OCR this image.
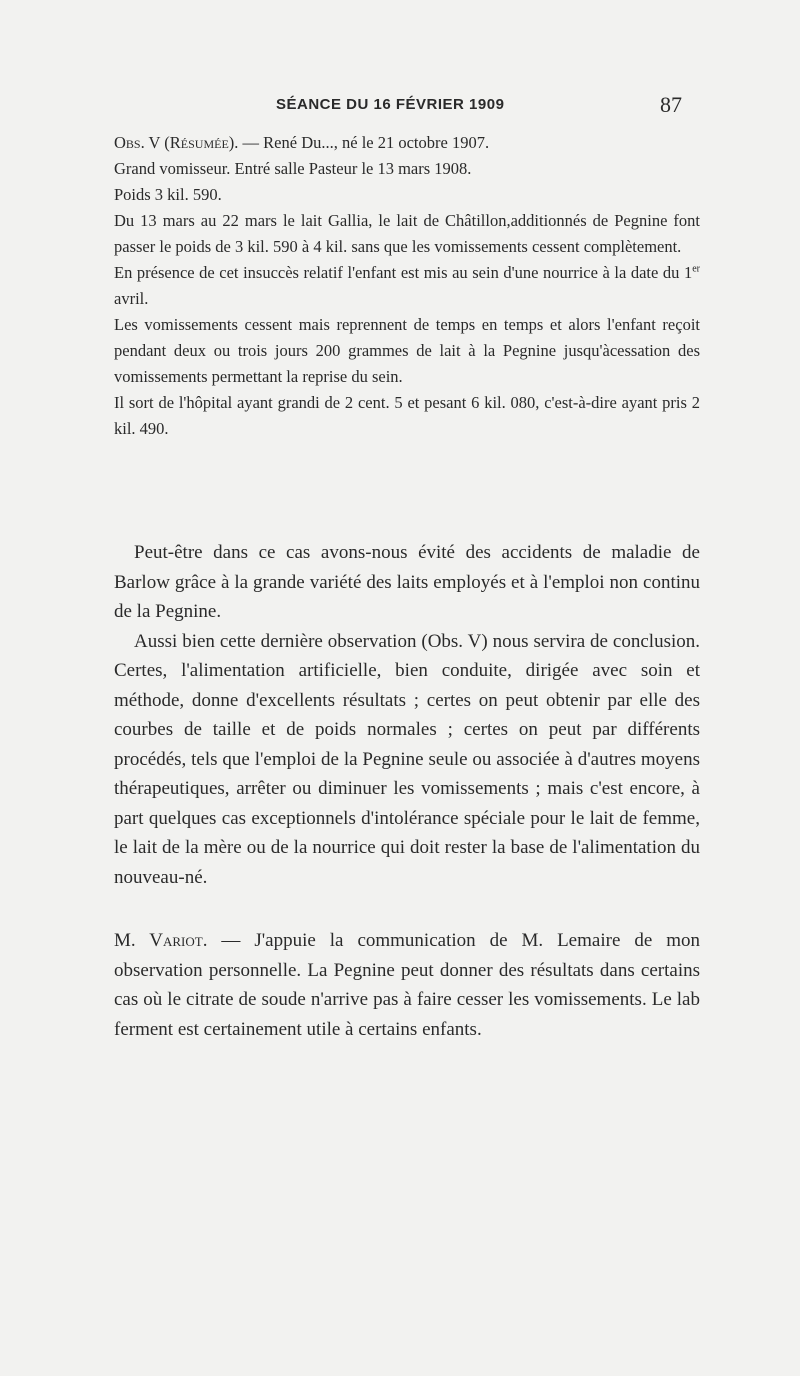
SÉANCE DU 16 FÉVRIER 1909	87

Obs. V (Résumée). — René Du..., né le 21 octobre 1907.

Grand vomisseur. Entré salle Pasteur le 13 mars 1908.

Poids 3 kil. 590.

Du 13 mars au 22 mars le lait Gallia, le lait de Châtillon,additionnés de Pegnine font passer le poids de 3 kil. 590 à 4 kil. sans que les vomissements cessent complètement.

En présence de cet insuccès relatif l'enfant est mis au sein d'une nourrice à la date du 1er avril.

Les vomissements cessent mais reprennent de temps en temps et alors l'enfant reçoit pendant deux ou trois jours 200 grammes de lait à la Pegnine jusqu'àcessation des vomissements permettant la reprise du sein.

Il sort de l'hôpital ayant grandi de 2 cent. 5 et pesant 6 kil. 080, c'est-à-dire ayant pris 2 kil. 490.

Peut-être dans ce cas avons-nous évité des accidents de maladie de Barlow grâce à la grande variété des laits employés et à l'emploi non continu de la Pegnine.

Aussi bien cette dernière observation (Obs. V) nous servira de conclusion. Certes, l'alimentation artificielle, bien conduite, dirigée avec soin et méthode, donne d'excellents résultats ; certes on peut obtenir par elle des courbes de taille et de poids normales ; certes on peut par différents procédés, tels que l'emploi de la Pegnine seule ou associée à d'autres moyens thérapeutiques, arrêter ou diminuer les vomissements ; mais c'est encore, à part quelques cas exceptionnels d'intolérance spéciale pour le lait de femme, le lait de la mère ou de la nourrice qui doit rester la base de l'alimentation du nouveau-né.

M. Variot. — J'appuie la communication de M. Lemaire de mon observation personnelle. La Pegnine peut donner des résultats dans certains cas où le citrate de soude n'arrive pas à faire cesser les vomissements. Le lab ferment est certainement utile à certains enfants.
